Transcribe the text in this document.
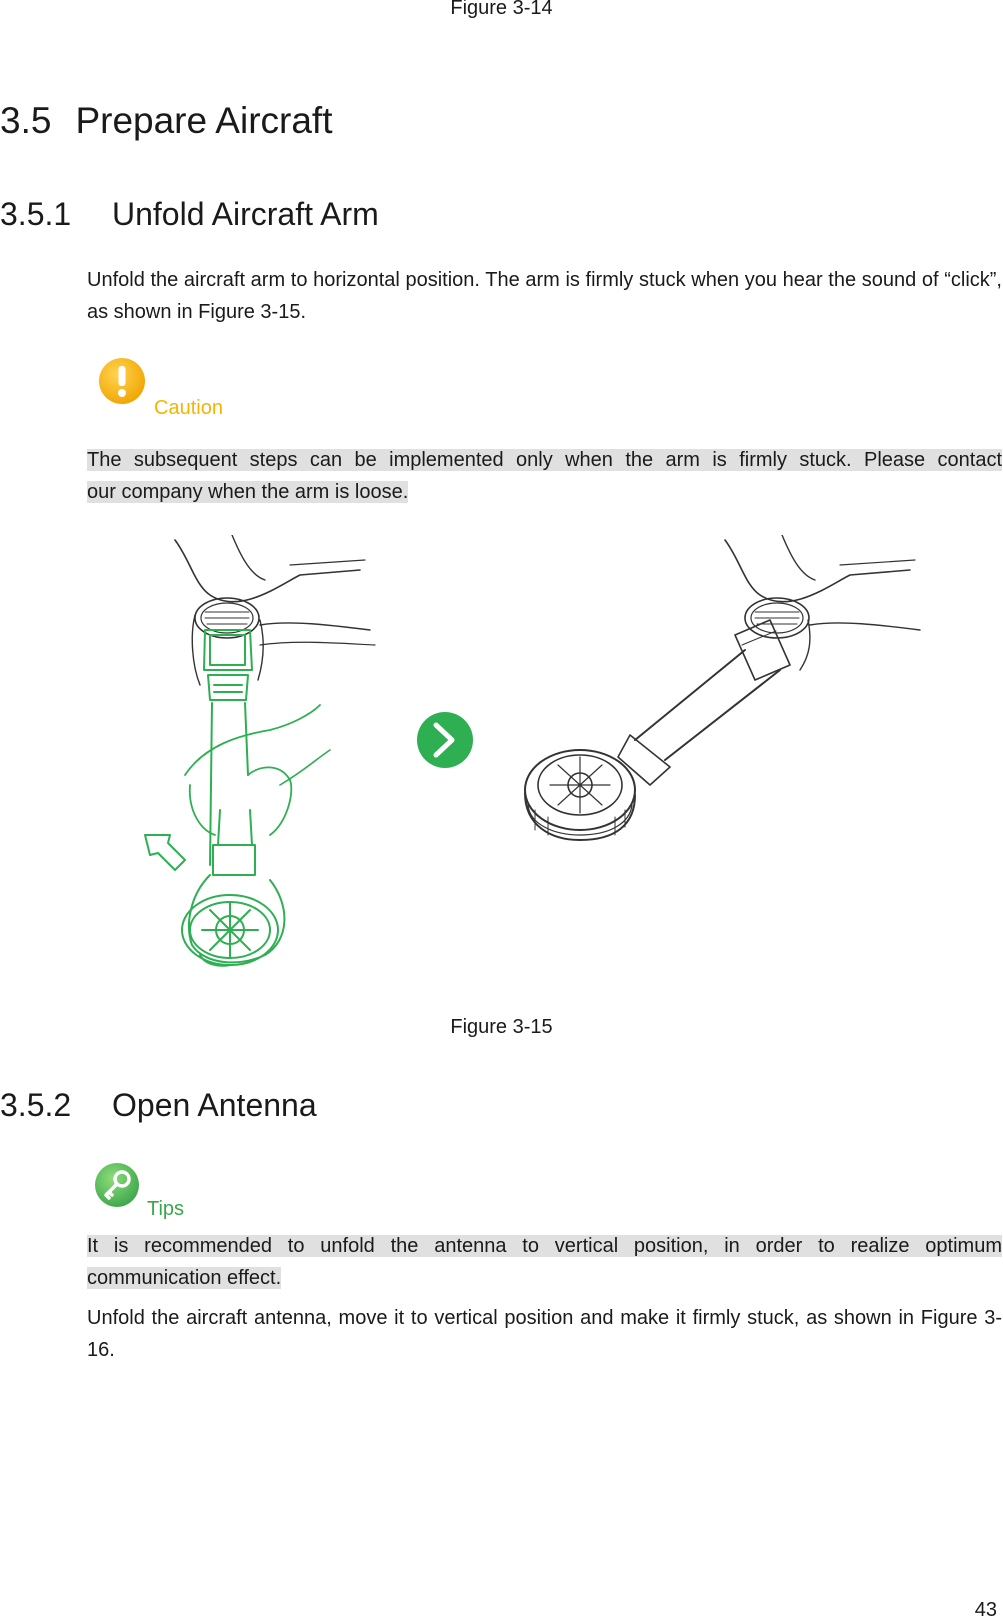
Figure 3-14
3.5 Prepare Aircraft
3.5.1 Unfold Aircraft Arm
Unfold the aircraft arm to horizontal position. The arm is firmly stuck when you hear the sound of “click”, as shown in Figure 3-15.
Caution
The subsequent steps can be implemented only when the arm is firmly stuck. Please contact
our company when the arm is loose.
Figure 3-15
3.5.2 Open Antenna
Tips
It is recommended to unfold the antenna to vertical position, in order to realize optimum
communication effect.
Unfold the aircraft antenna, move it to vertical position and make it firmly stuck, as shown in Figure 3-16.
43
